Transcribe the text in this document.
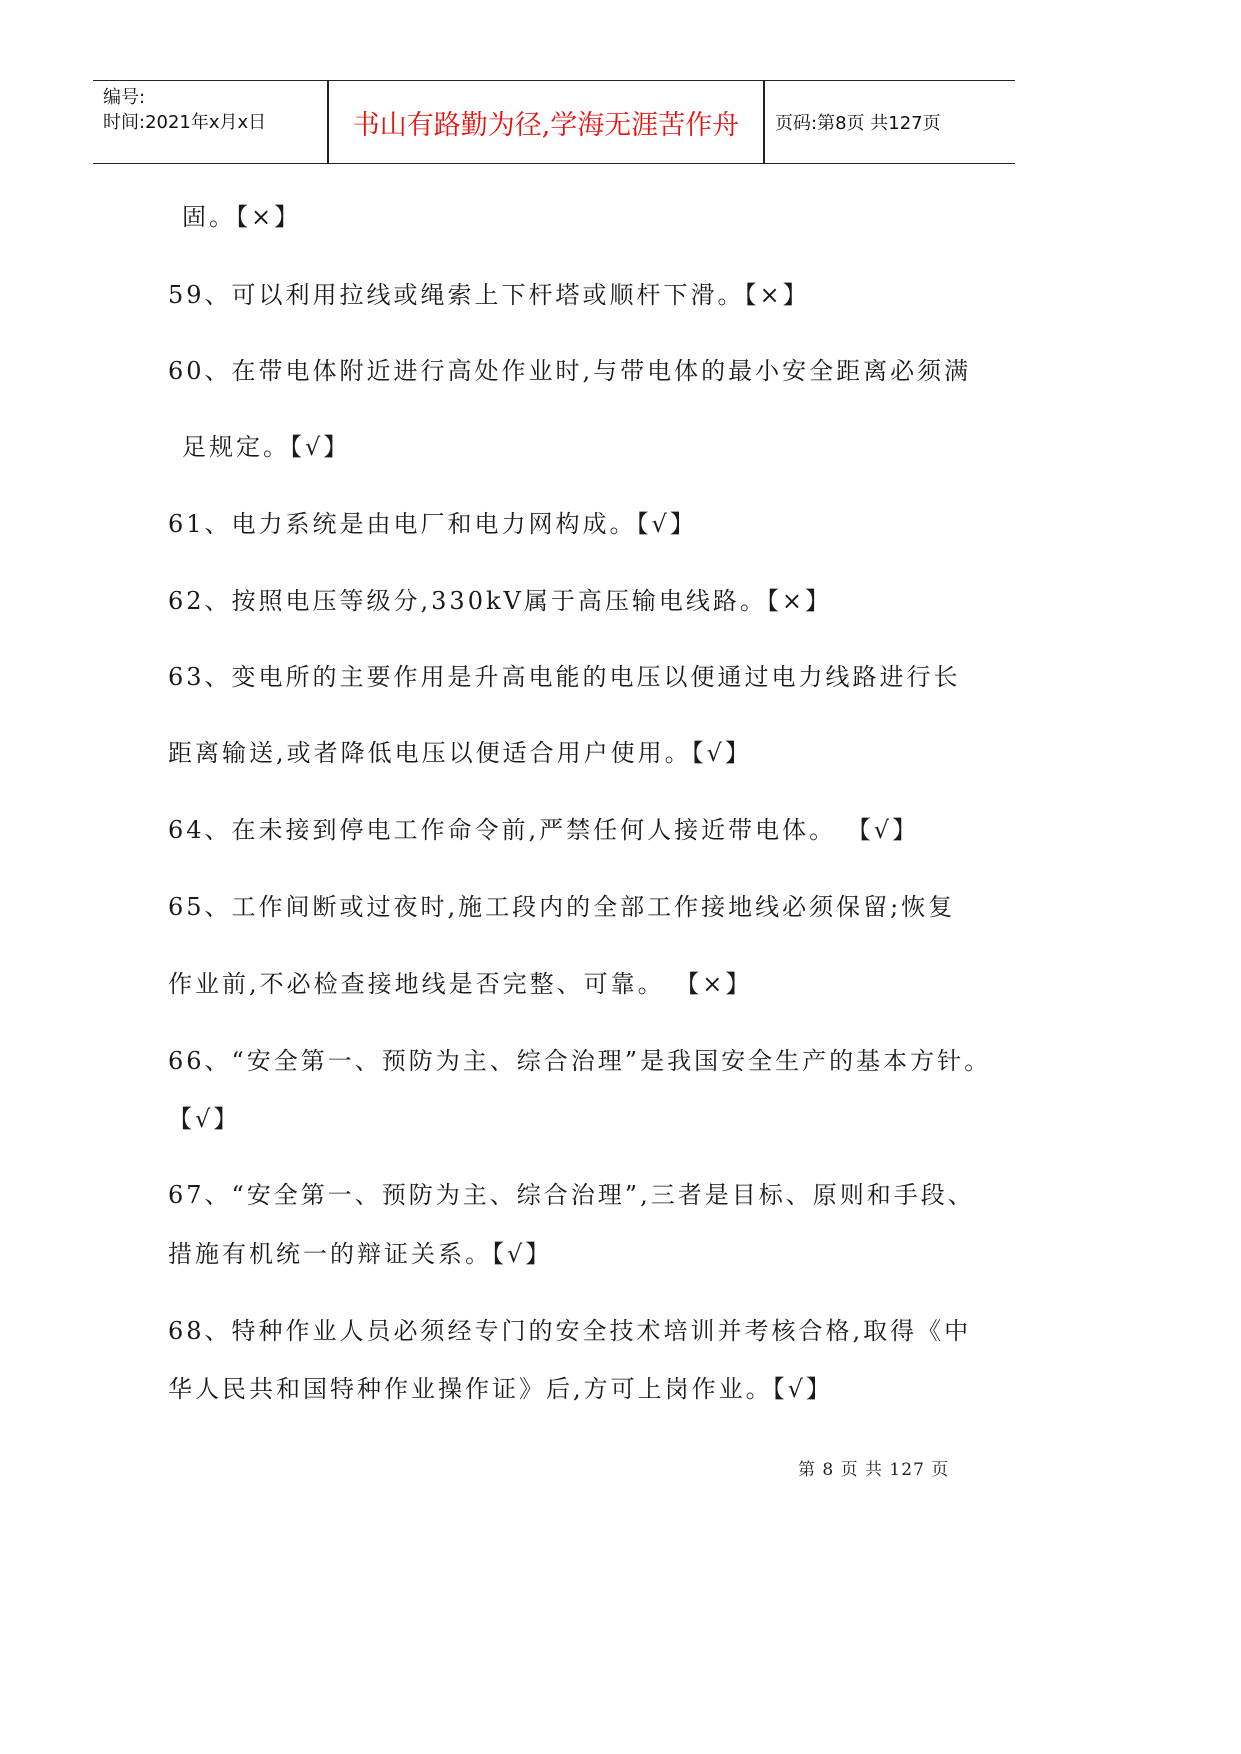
编号:
时间:2021年x月x日	书山有路勤为径,学海无涯苦作舟	页码:第8页 共127页
固。【×】
59、可以利用拉线或绳索上下杆塔或顺杆下滑。【×】
60、在带电体附近进行高处作业时,与带电体的最小安全距离必须满
足规定。【√】
61、电力系统是由电厂和电力网构成。【√】
62、按照电压等级分,330kV属于高压输电线路。【×】
63、变电所的主要作用是升高电能的电压以便通过电力线路进行长
距离输送,或者降低电压以便适合用户使用。【√】
64、在未接到停电工作命令前,严禁任何人接近带电体。 【√】
65、工作间断或过夜时,施工段内的全部工作接地线必须保留;恢复
作业前,不必检查接地线是否完整、可靠。 【×】
66、“安全第一、预防为主、综合治理”是我国安全生产的基本方针。
【√】
67、“安全第一、预防为主、综合治理”,三者是目标、原则和手段、
措施有机统一的辩证关系。【√】
68、特种作业人员必须经专门的安全技术培训并考核合格,取得《中
华人民共和国特种作业操作证》后,方可上岗作业。【√】
第 8 页 共 127 页
